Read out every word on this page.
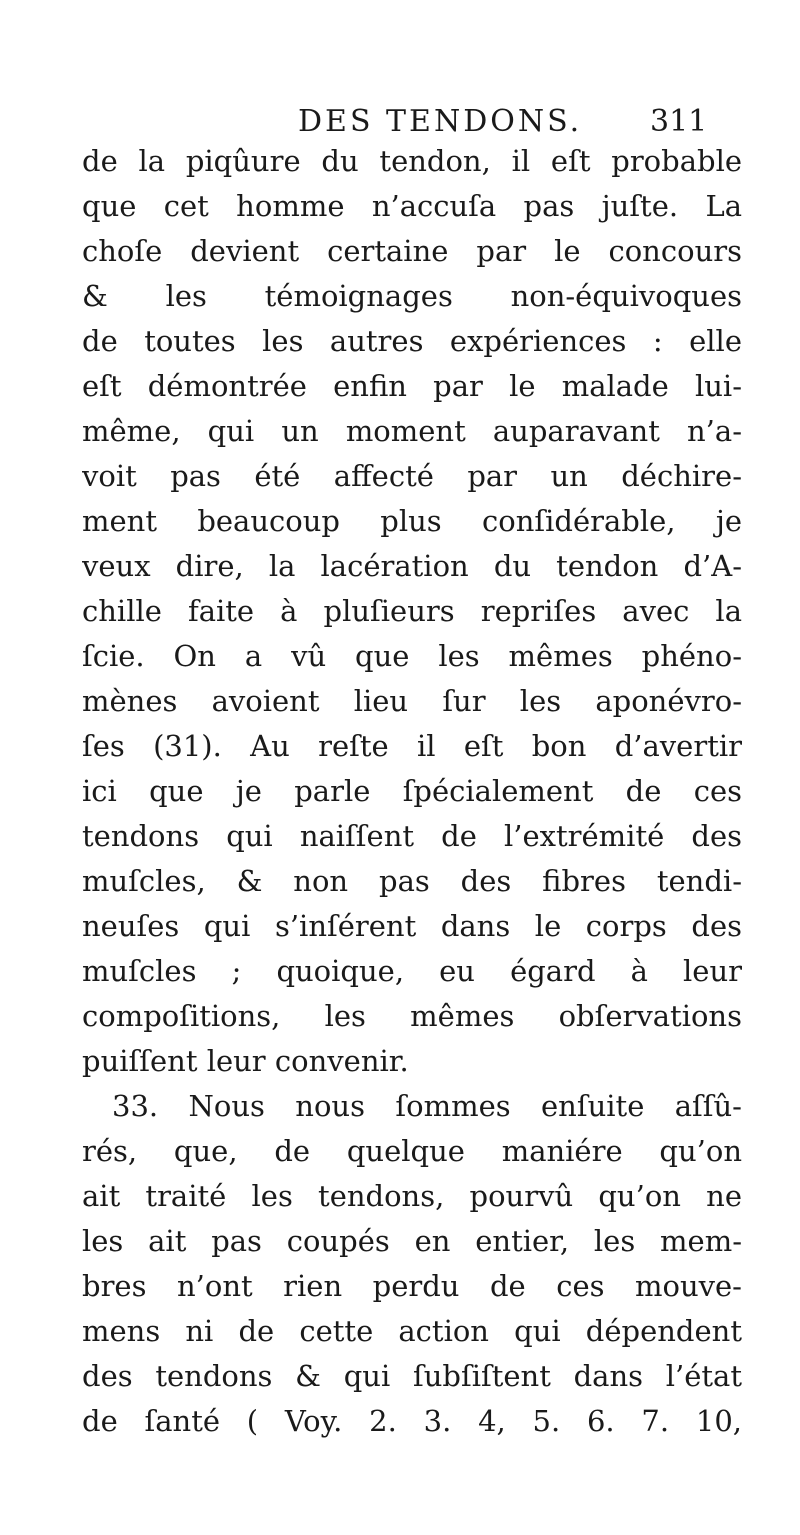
DES TENDONS. 311
de la piqûure du tendon, il eſt probable
que cet homme n’accuſa pas juſte. La
choſe devient certaine par le concours
& les témoignages non-équivoques
de toutes les autres expériences : elle
eſt démontrée enfin par le malade lui-
même, qui un moment auparavant n’a-
voit pas été affecté par un déchire-
ment beaucoup plus conſidérable, je
veux dire, la lacération du tendon d’A-
chille faite à pluſieurs repriſes avec la
ſcie. On a vû que les mêmes phéno-
mènes avoient lieu ſur les aponévro-
ſes (31). Au reſte il eſt bon d’avertir
ici que je parle ſpécialement de ces
tendons qui naiſſent de l’extrémité des
muſcles, & non pas des fibres tendi-
neuſes qui s’inſérent dans le corps des
muſcles ; quoique, eu égard à leur
compoſitions, les mêmes obſervations
puiſſent leur convenir.
33. Nous nous ſommes enſuite aſſû-
rés, que, de quelque maniére qu’on
ait traité les tendons, pourvû qu’on ne
les ait pas coupés en entier, les mem-
bres n’ont rien perdu de ces mouve-
mens ni de cette action qui dépendent
des tendons & qui ſubſiſtent dans l’état
de ſanté ( Voy. 2. 3. 4, 5. 6. 7. 10,
